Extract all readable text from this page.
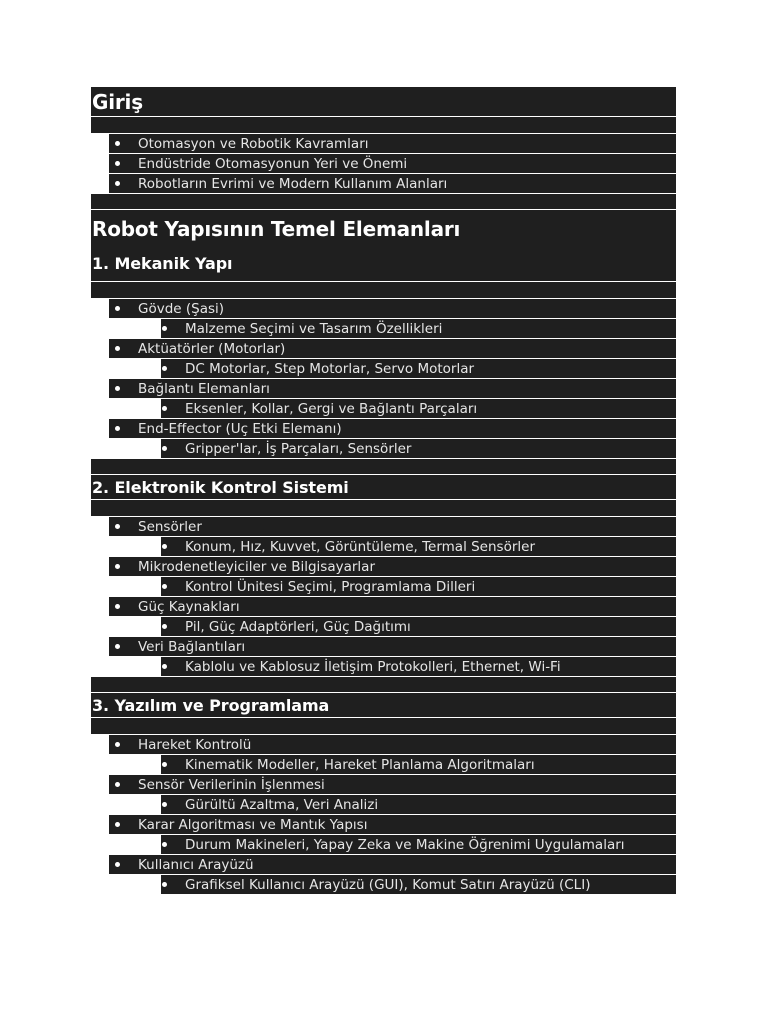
Giriş
Otomasyon ve Robotik Kavramları
Endüstride Otomasyonun Yeri ve Önemi
Robotların Evrimi ve Modern Kullanım Alanları
Robot Yapısının Temel Elemanları
1. Mekanik Yapı
Gövde (Şasi)
Malzeme Seçimi ve Tasarım Özellikleri
Aktüatörler (Motorlar)
DC Motorlar, Step Motorlar, Servo Motorlar
Bağlantı Elemanları
Eksenler, Kollar, Gergi ve Bağlantı Parçaları
End-Effector (Uç Etki Elemanı)
Gripper'lar, İş Parçaları, Sensörler
2. Elektronik Kontrol Sistemi
Sensörler
Konum, Hız, Kuvvet, Görüntüleme, Termal Sensörler
Mikrodenetleyiciler ve Bilgisayarlar
Kontrol Ünitesi Seçimi, Programlama Dilleri
Güç Kaynakları
Pil, Güç Adaptörleri, Güç Dağıtımı
Veri Bağlantıları
Kablolu ve Kablosuz İletişim Protokolleri, Ethernet, Wi-Fi
3. Yazılım ve Programlama
Hareket Kontrolü
Kinematik Modeller, Hareket Planlama Algoritmaları
Sensör Verilerinin İşlenmesi
Gürültü Azaltma, Veri Analizi
Karar Algoritması ve Mantık Yapısı
Durum Makineleri, Yapay Zeka ve Makine Öğrenimi Uygulamaları
Kullanıcı Arayüzü
Grafiksel Kullanıcı Arayüzü (GUI), Komut Satırı Arayüzü (CLI)
